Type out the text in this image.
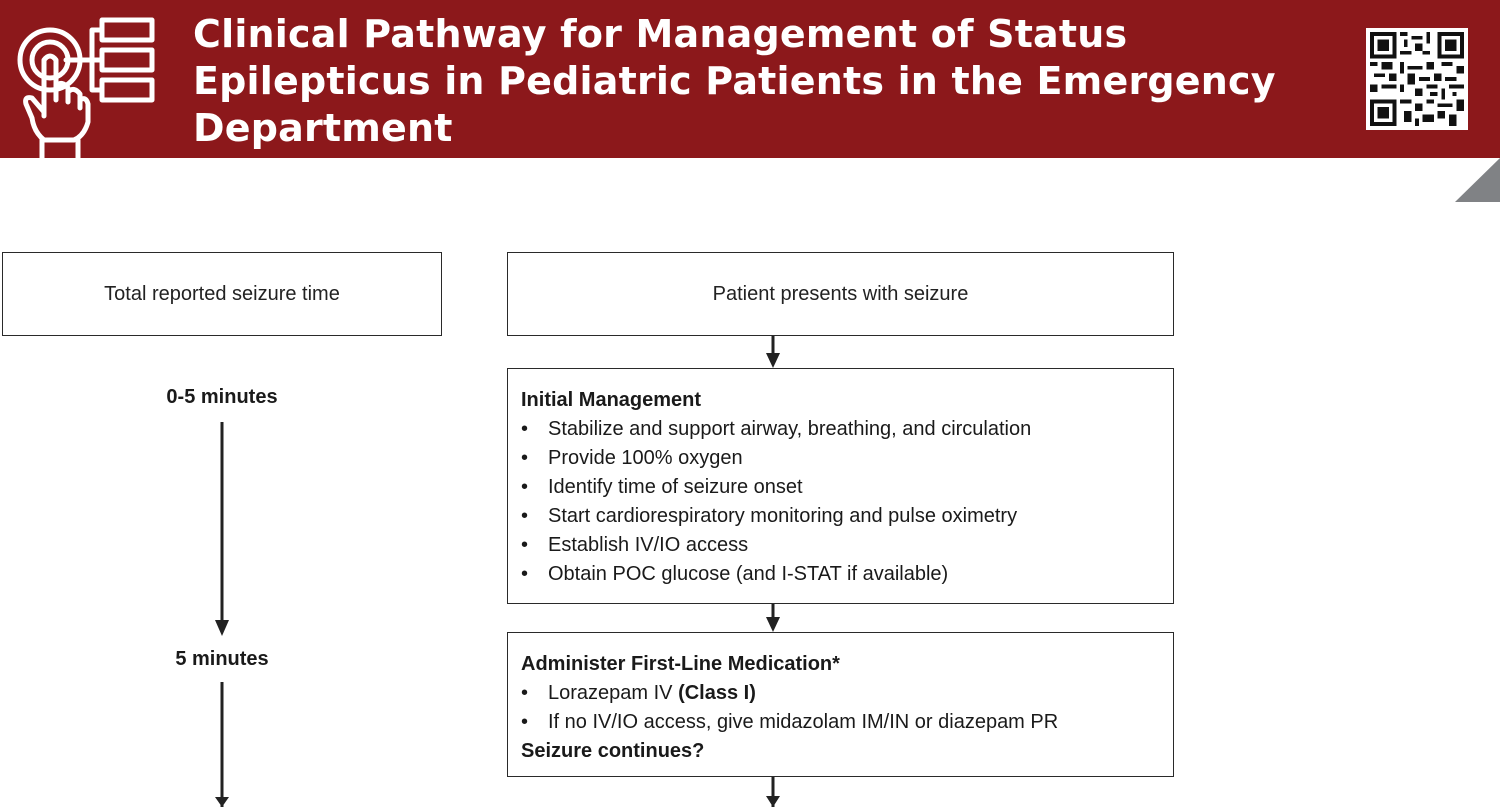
Clinical Pathway for Management of Status
Epilepticus in Pediatric Patients in the Emergency
Department
Total reported seizure time
0-5 minutes
5 minutes
Patient presents with seizure
Initial Management
• Stabilize and support airway, breathing, and circulation
• Provide 100% oxygen
• Identify time of seizure onset
• Start cardiorespiratory monitoring and pulse oximetry
• Establish IV/IO access
• Obtain POC glucose (and I-STAT if available)
Administer First-Line Medication*
• Lorazepam IV (Class I)
• If no IV/IO access, give midazolam IM/IN or diazepam PR
Seizure continues?
